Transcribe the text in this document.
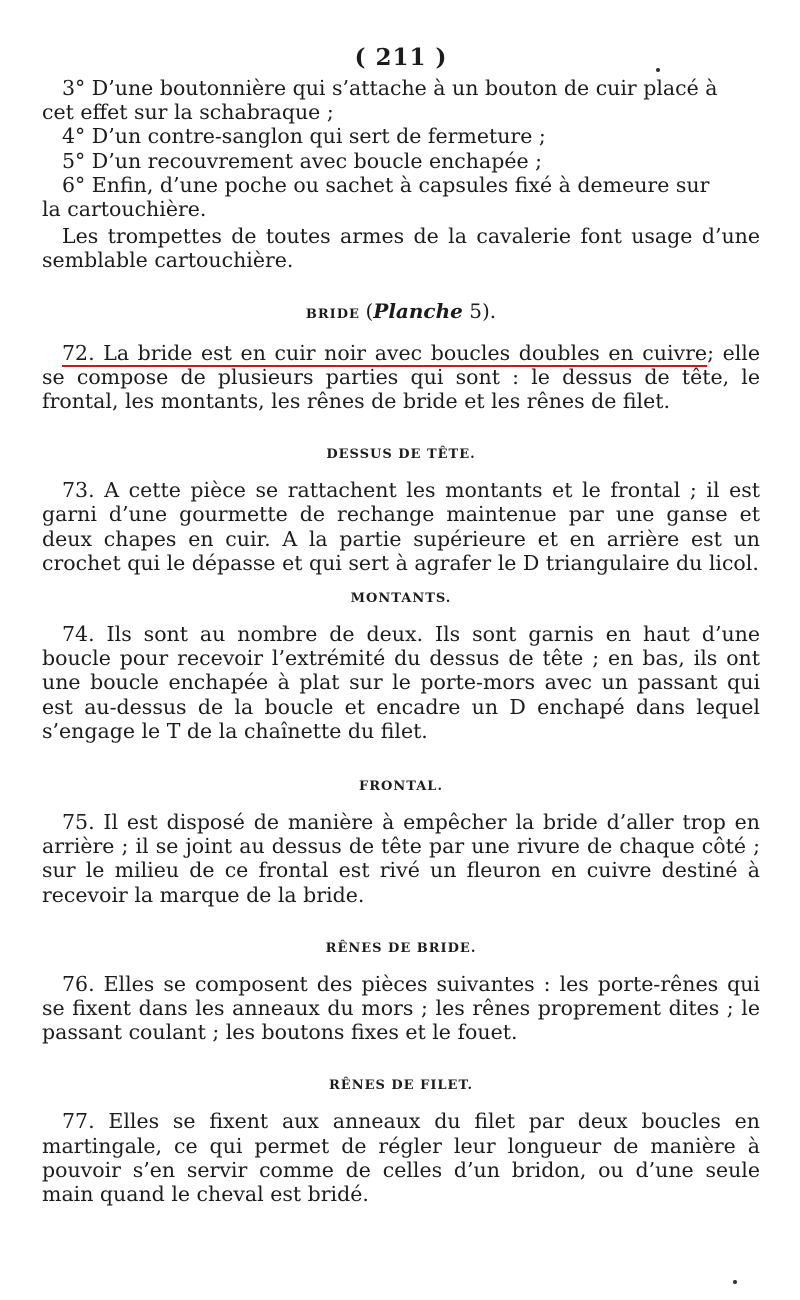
( 211 )

3° D’une boutonnière qui s’attache à un bouton de cuir placé à

cet effet sur la schabraque ;

4° D’un contre-sanglon qui sert de fermeture ;

5° D’un recouvrement avec boucle enchapée ;

6° Enfin, d’une poche ou sachet à capsules fixé à demeure sur

la cartouchière.

Les trompettes de toutes armes de la cavalerie font usage d’une semblable cartouchière.

BRIDE (Planche 5).

72. La bride est en cuir noir avec boucles doubles en cuivre; elle se compose de plusieurs parties qui sont : le dessus de tête, le frontal, les montants, les rênes de bride et les rênes de filet.

DESSUS DE TÊTE.

73. A cette pièce se rattachent les montants et le frontal ; il est garni d’une gourmette de rechange maintenue par une ganse et deux chapes en cuir. A la partie supérieure et en arrière est un crochet qui le dépasse et qui sert à agrafer le D triangulaire du licol.

MONTANTS.

74. Ils sont au nombre de deux. Ils sont garnis en haut d’une boucle pour recevoir l’extrémité du dessus de tête ; en bas, ils ont une boucle enchapée à plat sur le porte-mors avec un passant qui est au-dessus de la boucle et encadre un D enchapé dans lequel s’engage le T de la chaînette du filet.

FRONTAL.

75. Il est disposé de manière à empêcher la bride d’aller trop en arrière ; il se joint au dessus de tête par une rivure de chaque côté ; sur le milieu de ce frontal est rivé un fleuron en cuivre destiné à recevoir la marque de la bride.

RÊNES DE BRIDE.

76. Elles se composent des pièces suivantes : les porte-rênes qui se fixent dans les anneaux du mors ; les rênes proprement dites ; le passant coulant ; les boutons fixes et le fouet.

RÊNES DE FILET.

77. Elles se fixent aux anneaux du filet par deux boucles en martingale, ce qui permet de régler leur longueur de manière à pouvoir s’en servir comme de celles d’un bridon, ou d’une seule main quand le cheval est bridé.
